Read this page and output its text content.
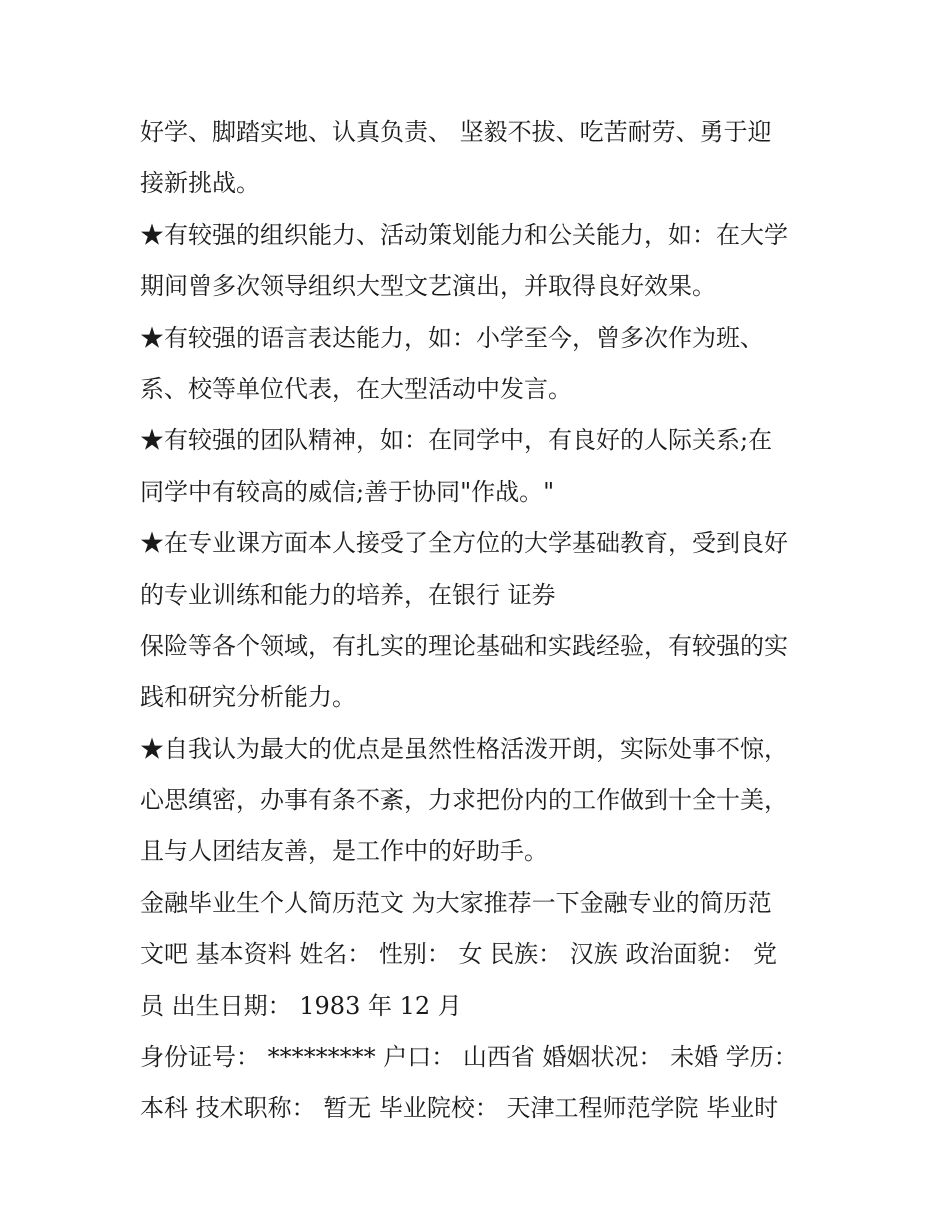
好学、脚踏实地、认真负责、 坚毅不拔、吃苦耐劳、勇于迎
接新挑战。
★有较强的组织能力、活动策划能力和公关能力，如：在大学
期间曾多次领导组织大型文艺演出，并取得良好效果。
★有较强的语言表达能力，如：小学至今，曾多次作为班、
系、校等单位代表，在大型活动中发言。
★有较强的团队精神，如：在同学中，有良好的人际关系;在
同学中有较高的威信;善于协同"作战。"
★在专业课方面本人接受了全方位的大学基础教育，受到良好
的专业训练和能力的培养，在银行 证券
保险等各个领域，有扎实的理论基础和实践经验，有较强的实
践和研究分析能力。
★自我认为最大的优点是虽然性格活泼开朗，实际处事不惊，
心思缜密，办事有条不紊，力求把份内的工作做到十全十美，
且与人团结友善，是工作中的好助手。
金融毕业生个人简历范文 为大家推荐一下金融专业的简历范
文吧 基本资料 姓名： 性别： 女 民族： 汉族 政治面貌： 党
员 出生日期： 1983 年 12 月
身份证号： ********* 户口： 山西省 婚姻状况： 未婚 学历：
本科 技术职称： 暂无 毕业院校： 天津工程师范学院 毕业时
